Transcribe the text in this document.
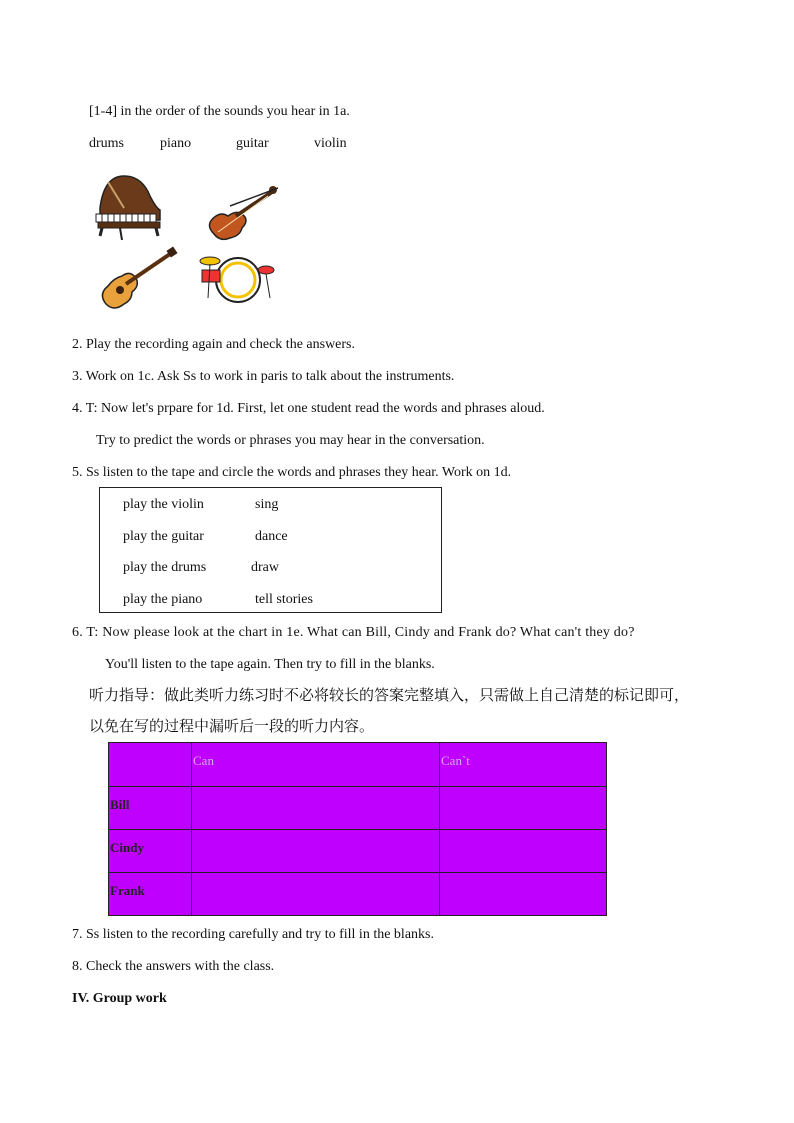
[1-4] in the order of the sounds you hear in 1a.
drums	piano	guitar	violin
2. Play the recording again and check the answers.
3. Work on 1c. Ask Ss to work in paris to talk about the instruments.
4. T: Now let's prpare for 1d. First, let one student read the words and phrases aloud.
Try to predict the words or phrases you may hear in the conversation.
5. Ss listen to the tape and circle the words and phrases they hear. Work on 1d.
play the violin	sing
play the guitar	dance
play the drums	draw
play the piano	tell stories
6. T: Now please look at the chart in 1e. What can Bill, Cindy and Frank do? What can't they do?
You'll listen to the tape again. Then try to fill in the blanks.
听力指导：做此类听力练习时不必将较长的答案完整填入，只需做上自己清楚的标记即可，
以免在写的过程中漏听后一段的听力内容。

	Can	Can`t

Bill		

Cindy		

Frank		

7. Ss listen to the recording carefully and try to fill in the blanks.
8. Check the answers with the class.
IV. Group work
